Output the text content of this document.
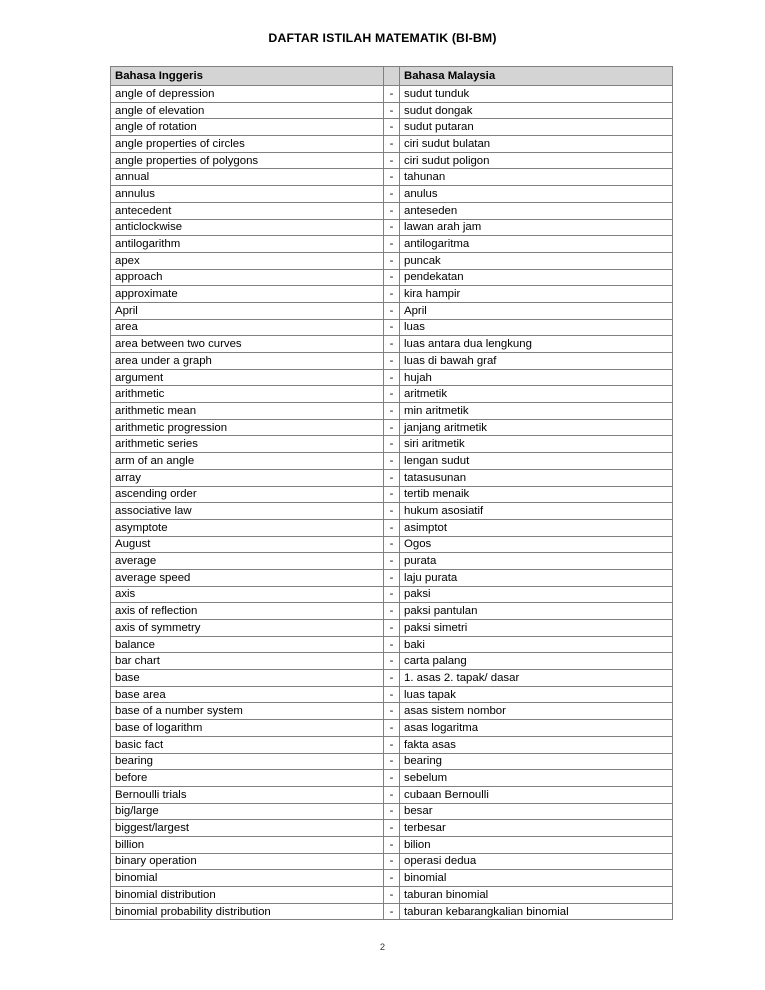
DAFTAR ISTILAH MATEMATIK (BI-BM)
Bahasa Inggeris		Bahasa Malaysia
angle of depression	-	sudut tunduk
angle of elevation	-	sudut dongak
angle of rotation	-	sudut putaran
angle properties of circles	-	ciri sudut bulatan
angle properties of polygons	-	ciri sudut poligon
annual	-	tahunan
annulus	-	anulus
antecedent	-	anteseden
anticlockwise	-	lawan arah jam
antilogarithm	-	antilogaritma
apex	-	puncak
approach	-	pendekatan
approximate	-	kira hampir
April	-	April
area	-	luas
area between two curves	-	luas antara dua lengkung
area under a graph	-	luas di bawah graf
argument	-	hujah
arithmetic	-	aritmetik
arithmetic mean	-	min aritmetik
arithmetic progression	-	janjang aritmetik
arithmetic series	-	siri aritmetik
arm of an angle	-	lengan sudut
array	-	tatasusunan
ascending order	-	tertib menaik
associative law	-	hukum asosiatif
asymptote	-	asimptot
August	-	Ogos
average	-	purata
average speed	-	laju purata
axis	-	paksi
axis of reflection	-	paksi pantulan
axis of symmetry	-	paksi simetri
balance	-	baki
bar chart	-	carta palang
base	-	1. asas 2. tapak/ dasar
base area	-	luas tapak
base of a number system	-	asas sistem nombor
base of logarithm	-	asas logaritma
basic fact	-	fakta asas
bearing	-	bearing
before	-	sebelum
Bernoulli trials	-	cubaan Bernoulli
big/large	-	besar
biggest/largest	-	terbesar
billion	-	bilion
binary operation	-	operasi dedua
binomial	-	binomial
binomial distribution	-	taburan binomial
binomial probability distribution	-	taburan kebarangkalian binomial
2
